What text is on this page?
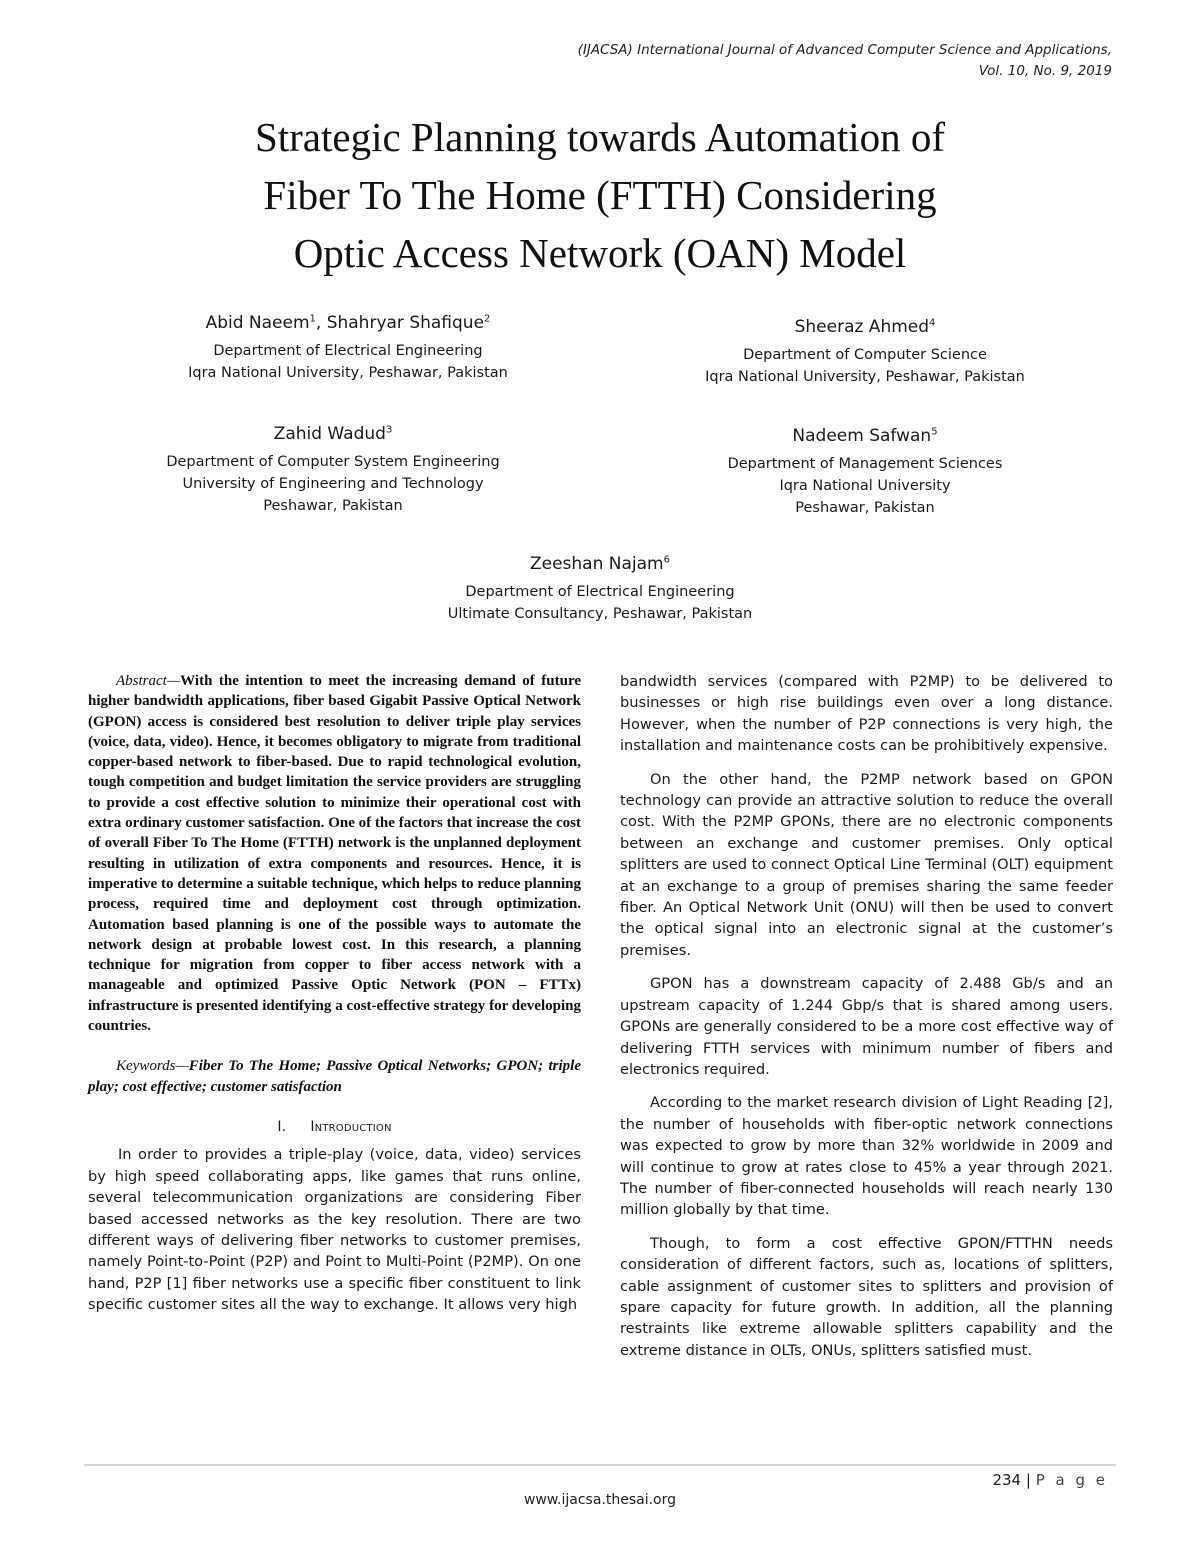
(IJACSA) International Journal of Advanced Computer Science and Applications,
Vol. 10, No. 9, 2019
Strategic Planning towards Automation of
Fiber To The Home (FTTH) Considering
Optic Access Network (OAN) Model
Abid Naeem$^1$, Shahryar Shafique$^2$
Department of Electrical Engineering
Iqra National University, Peshawar, Pakistan
Sheeraz Ahmed$^4$
Department of Computer Science
Iqra National University, Peshawar, Pakistan
Zahid Wadud$^3$
Department of Computer System Engineering
University of Engineering and Technology
Peshawar, Pakistan
Nadeem Safwan$^5$
Department of Management Sciences
Iqra National University
Peshawar, Pakistan
Zeeshan Najam$^6$
Department of Electrical Engineering
Ultimate Consultancy, Peshawar, Pakistan

Abstract—With the intention to meet the increasing demand of future higher bandwidth applications, fiber based Gigabit Passive Optical Network (GPON) access is considered best resolution to deliver triple play services (voice, data, video). Hence, it becomes obligatory to migrate from traditional copper-based network to fiber-based. Due to rapid technological evolution, tough competition and budget limitation the service providers are struggling to provide a cost effective solution to minimize their operational cost with extra ordinary customer satisfaction. One of the factors that increase the cost of overall Fiber To The Home (FTTH) network is the unplanned deployment resulting in utilization of extra components and resources. Hence, it is imperative to determine a suitable technique, which helps to reduce planning process, required time and deployment cost through optimization. Automation based planning is one of the possible ways to automate the network design at probable lowest cost. In this research, a planning technique for migration from copper to fiber access network with a manageable and optimized Passive Optic Network (PON – FTTx) infrastructure is presented identifying a cost-effective strategy for developing countries.

Keywords—Fiber To The Home; Passive Optical Networks; GPON; triple play; cost effective; customer satisfaction

I. Introduction

In order to provides a triple-play (voice, data, video) services by high speed collaborating apps, like games that runs online, several telecommunication organizations are considering Fiber based accessed networks as the key resolution. There are two different ways of delivering fiber networks to customer premises, namely Point-to-Point (P2P) and Point to Multi-Point (P2MP). On one hand, P2P [1] fiber networks use a specific fiber constituent to link specific customer sites all the way to exchange. It allows very high

bandwidth services (compared with P2MP) to be delivered to businesses or high rise buildings even over a long distance. However, when the number of P2P connections is very high, the installation and maintenance costs can be prohibitively expensive.

On the other hand, the P2MP network based on GPON technology can provide an attractive solution to reduce the overall cost. With the P2MP GPONs, there are no electronic components between an exchange and customer premises. Only optical splitters are used to connect Optical Line Terminal (OLT) equipment at an exchange to a group of premises sharing the same feeder fiber. An Optical Network Unit (ONU) will then be used to convert the optical signal into an electronic signal at the customer’s premises.

GPON has a downstream capacity of 2.488 Gb/s and an upstream capacity of 1.244 Gbp/s that is shared among users. GPONs are generally considered to be a more cost effective way of delivering FTTH services with minimum number of fibers and electronics required.

According to the market research division of Light Reading [2], the number of households with fiber-optic network connections was expected to grow by more than 32% worldwide in 2009 and will continue to grow at rates close to 45% a year through 2021. The number of fiber-connected households will reach nearly 130 million globally by that time.

Though, to form a cost effective GPON/FTTHN needs consideration of different factors, such as, locations of splitters, cable assignment of customer sites to splitters and provision of spare capacity for future growth. In addition, all the planning restraints like extreme allowable splitters capability and the extreme distance in OLTs, ONUs, splitters satisfied must.

234 | P a g e
www.ijacsa.thesai.org
